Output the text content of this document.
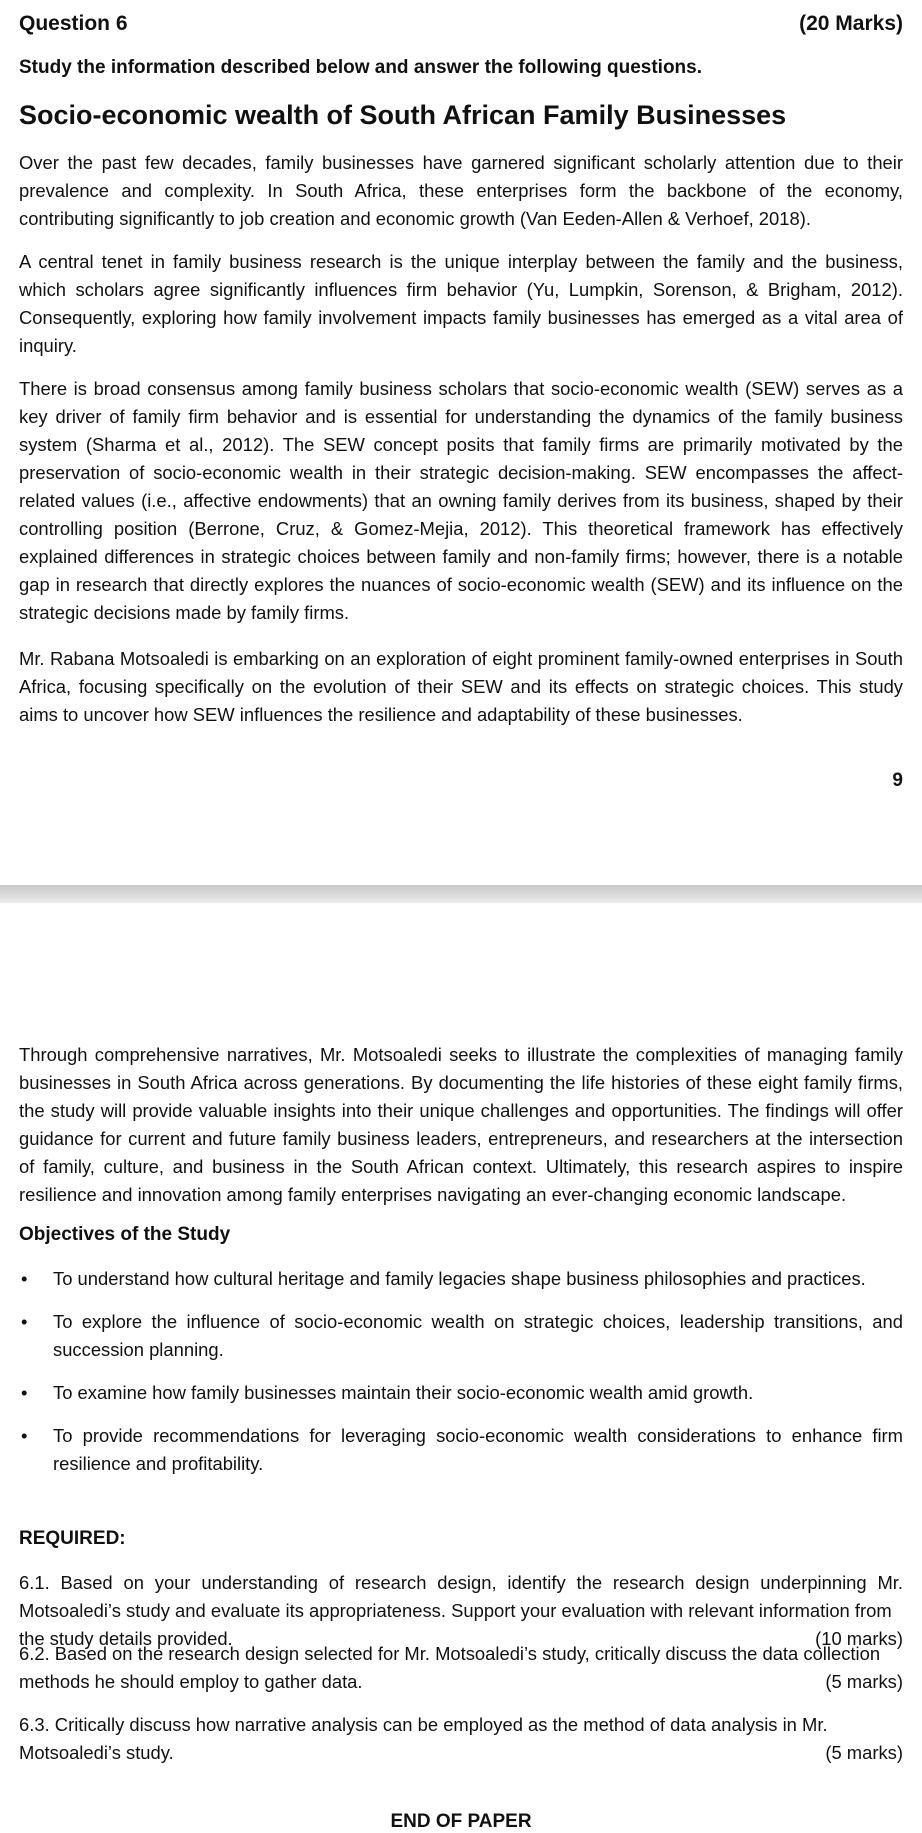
Question 6	(20 Marks)
Study the information described below and answer the following questions.
Socio-economic wealth of South African Family Businesses

Over the past few decades, family businesses have garnered significant scholarly attention due to their prevalence and complexity. In South Africa, these enterprises form the backbone of the economy, contributing significantly to job creation and economic growth (Van Eeden-Allen & Verhoef, 2018).

A central tenet in family business research is the unique interplay between the family and the business, which scholars agree significantly influences firm behavior (Yu, Lumpkin, Sorenson, & Brigham, 2012). Consequently, exploring how family involvement impacts family businesses has emerged as a vital area of inquiry.

There is broad consensus among family business scholars that socio-economic wealth (SEW) serves as a key driver of family firm behavior and is essential for understanding the dynamics of the family business system (Sharma et al., 2012). The SEW concept posits that family firms are primarily motivated by the preservation of socio-economic wealth in their strategic decision-making. SEW encompasses the affect-related values (i.e., affective endowments) that an owning family derives from its business, shaped by their controlling position (Berrone, Cruz, & Gomez-Mejia, 2012). This theoretical framework has effectively explained differences in strategic choices between family and non-family firms; however, there is a notable gap in research that directly explores the nuances of socio-economic wealth (SEW) and its influence on the strategic decisions made by family firms.

Mr. Rabana Motsoaledi is embarking on an exploration of eight prominent family-owned enterprises in South Africa, focusing specifically on the evolution of their SEW and its effects on strategic choices. This study aims to uncover how SEW influences the resilience and adaptability of these businesses.

9

Through comprehensive narratives, Mr. Motsoaledi seeks to illustrate the complexities of managing family businesses in South Africa across generations. By documenting the life histories of these eight family firms, the study will provide valuable insights into their unique challenges and opportunities. The findings will offer guidance for current and future family business leaders, entrepreneurs, and researchers at the intersection of family, culture, and business in the South African context. Ultimately, this research aspires to inspire resilience and innovation among family enterprises navigating an ever-changing economic landscape.

Objectives of the Study
• To understand how cultural heritage and family legacies shape business philosophies and practices.
• To explore the influence of socio-economic wealth on strategic choices, leadership transitions, and succession planning.
• To examine how family businesses maintain their socio-economic wealth amid growth.
• To provide recommendations for leveraging socio-economic wealth considerations to enhance firm resilience and profitability.
REQUIRED:
6.1. Based on your understanding of research design, identify the research design underpinning Mr. Motsoaledi’s study and evaluate its appropriateness. Support your evaluation with relevant information from
the study details provided.	(10 marks)
6.2. Based on the research design selected for Mr. Motsoaledi’s study, critically discuss the data collection
methods he should employ to gather data.	(5 marks)
6.3. Critically discuss how narrative analysis can be employed as the method of data analysis in Mr.
Motsoaledi’s study.	(5 marks)
END OF PAPER
